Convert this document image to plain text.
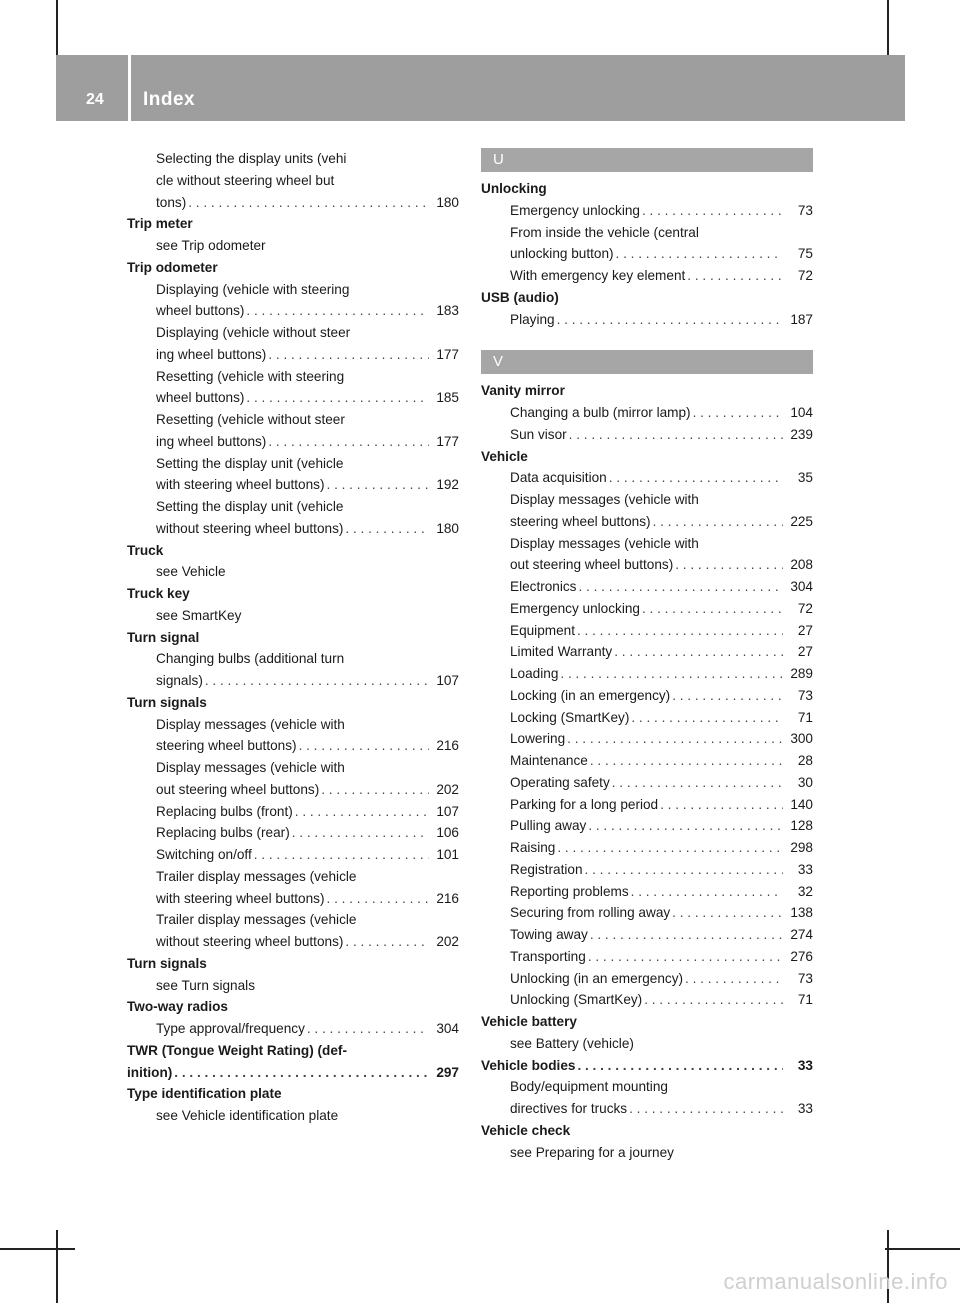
24 Index
Selecting the display units (vehi
cle without steering wheel but
tons) . . .	180
Trip meter
see Trip odometer
Trip odometer
Displaying (vehicle with steering
wheel buttons) . . .	183
Displaying (vehicle without steer
ing wheel buttons) . . .	177
Resetting (vehicle with steering
wheel buttons) . . .	185
Resetting (vehicle without steer
ing wheel buttons) . . .	177
Setting the display unit (vehicle
with steering wheel buttons) . . .	192
Setting the display unit (vehicle
without steering wheel buttons) . . .	180
Truck
see Vehicle
Truck key
see SmartKey
Turn signal
Changing bulbs (additional turn
signals) . . .	107
Turn signals
Display messages (vehicle with
steering wheel buttons) . . .	216
Display messages (vehicle with
out steering wheel buttons) . . .	202
Replacing bulbs (front) . . .	107
Replacing bulbs (rear) . . .	106
Switching on/off . . .	101
Trailer display messages (vehicle
with steering wheel buttons) . . .	216
Trailer display messages (vehicle
without steering wheel buttons) . . .	202
Turn signals
see Turn signals
Two-way radios
Type approval/frequency . . .	304
TWR (Tongue Weight Rating) (def-
inition) . . .	297
Type identification plate
see Vehicle identification plate
U
Unlocking
Emergency unlocking . . .	73
From inside the vehicle (central
unlocking button) . . .	75
With emergency key element . . .	72
USB (audio)
Playing . . .	187
V
Vanity mirror
Changing a bulb (mirror lamp) . . .	104
Sun visor . . .	239
Vehicle
Data acquisition . . .	35
Display messages (vehicle with
steering wheel buttons) . . .	225
Display messages (vehicle with
out steering wheel buttons) . . .	208
Electronics . . .	304
Emergency unlocking . . .	72
Equipment . . .	27
Limited Warranty . . .	27
Loading . . .	289
Locking (in an emergency) . . .	73
Locking (SmartKey) . . .	71
Lowering . . .	300
Maintenance . . .	28
Operating safety . . .	30
Parking for a long period . . .	140
Pulling away . . .	128
Raising . . .	298
Registration . . .	33
Reporting problems . . .	32
Securing from rolling away . . .	138
Towing away . . .	274
Transporting . . .	276
Unlocking (in an emergency) . . .	73
Unlocking (SmartKey) . . .	71
Vehicle battery
see Battery (vehicle)
Vehicle bodies . . .	33
Body/equipment mounting
directives for trucks . . .	33
Vehicle check
see Preparing for a journey
carmanualsonline.info
